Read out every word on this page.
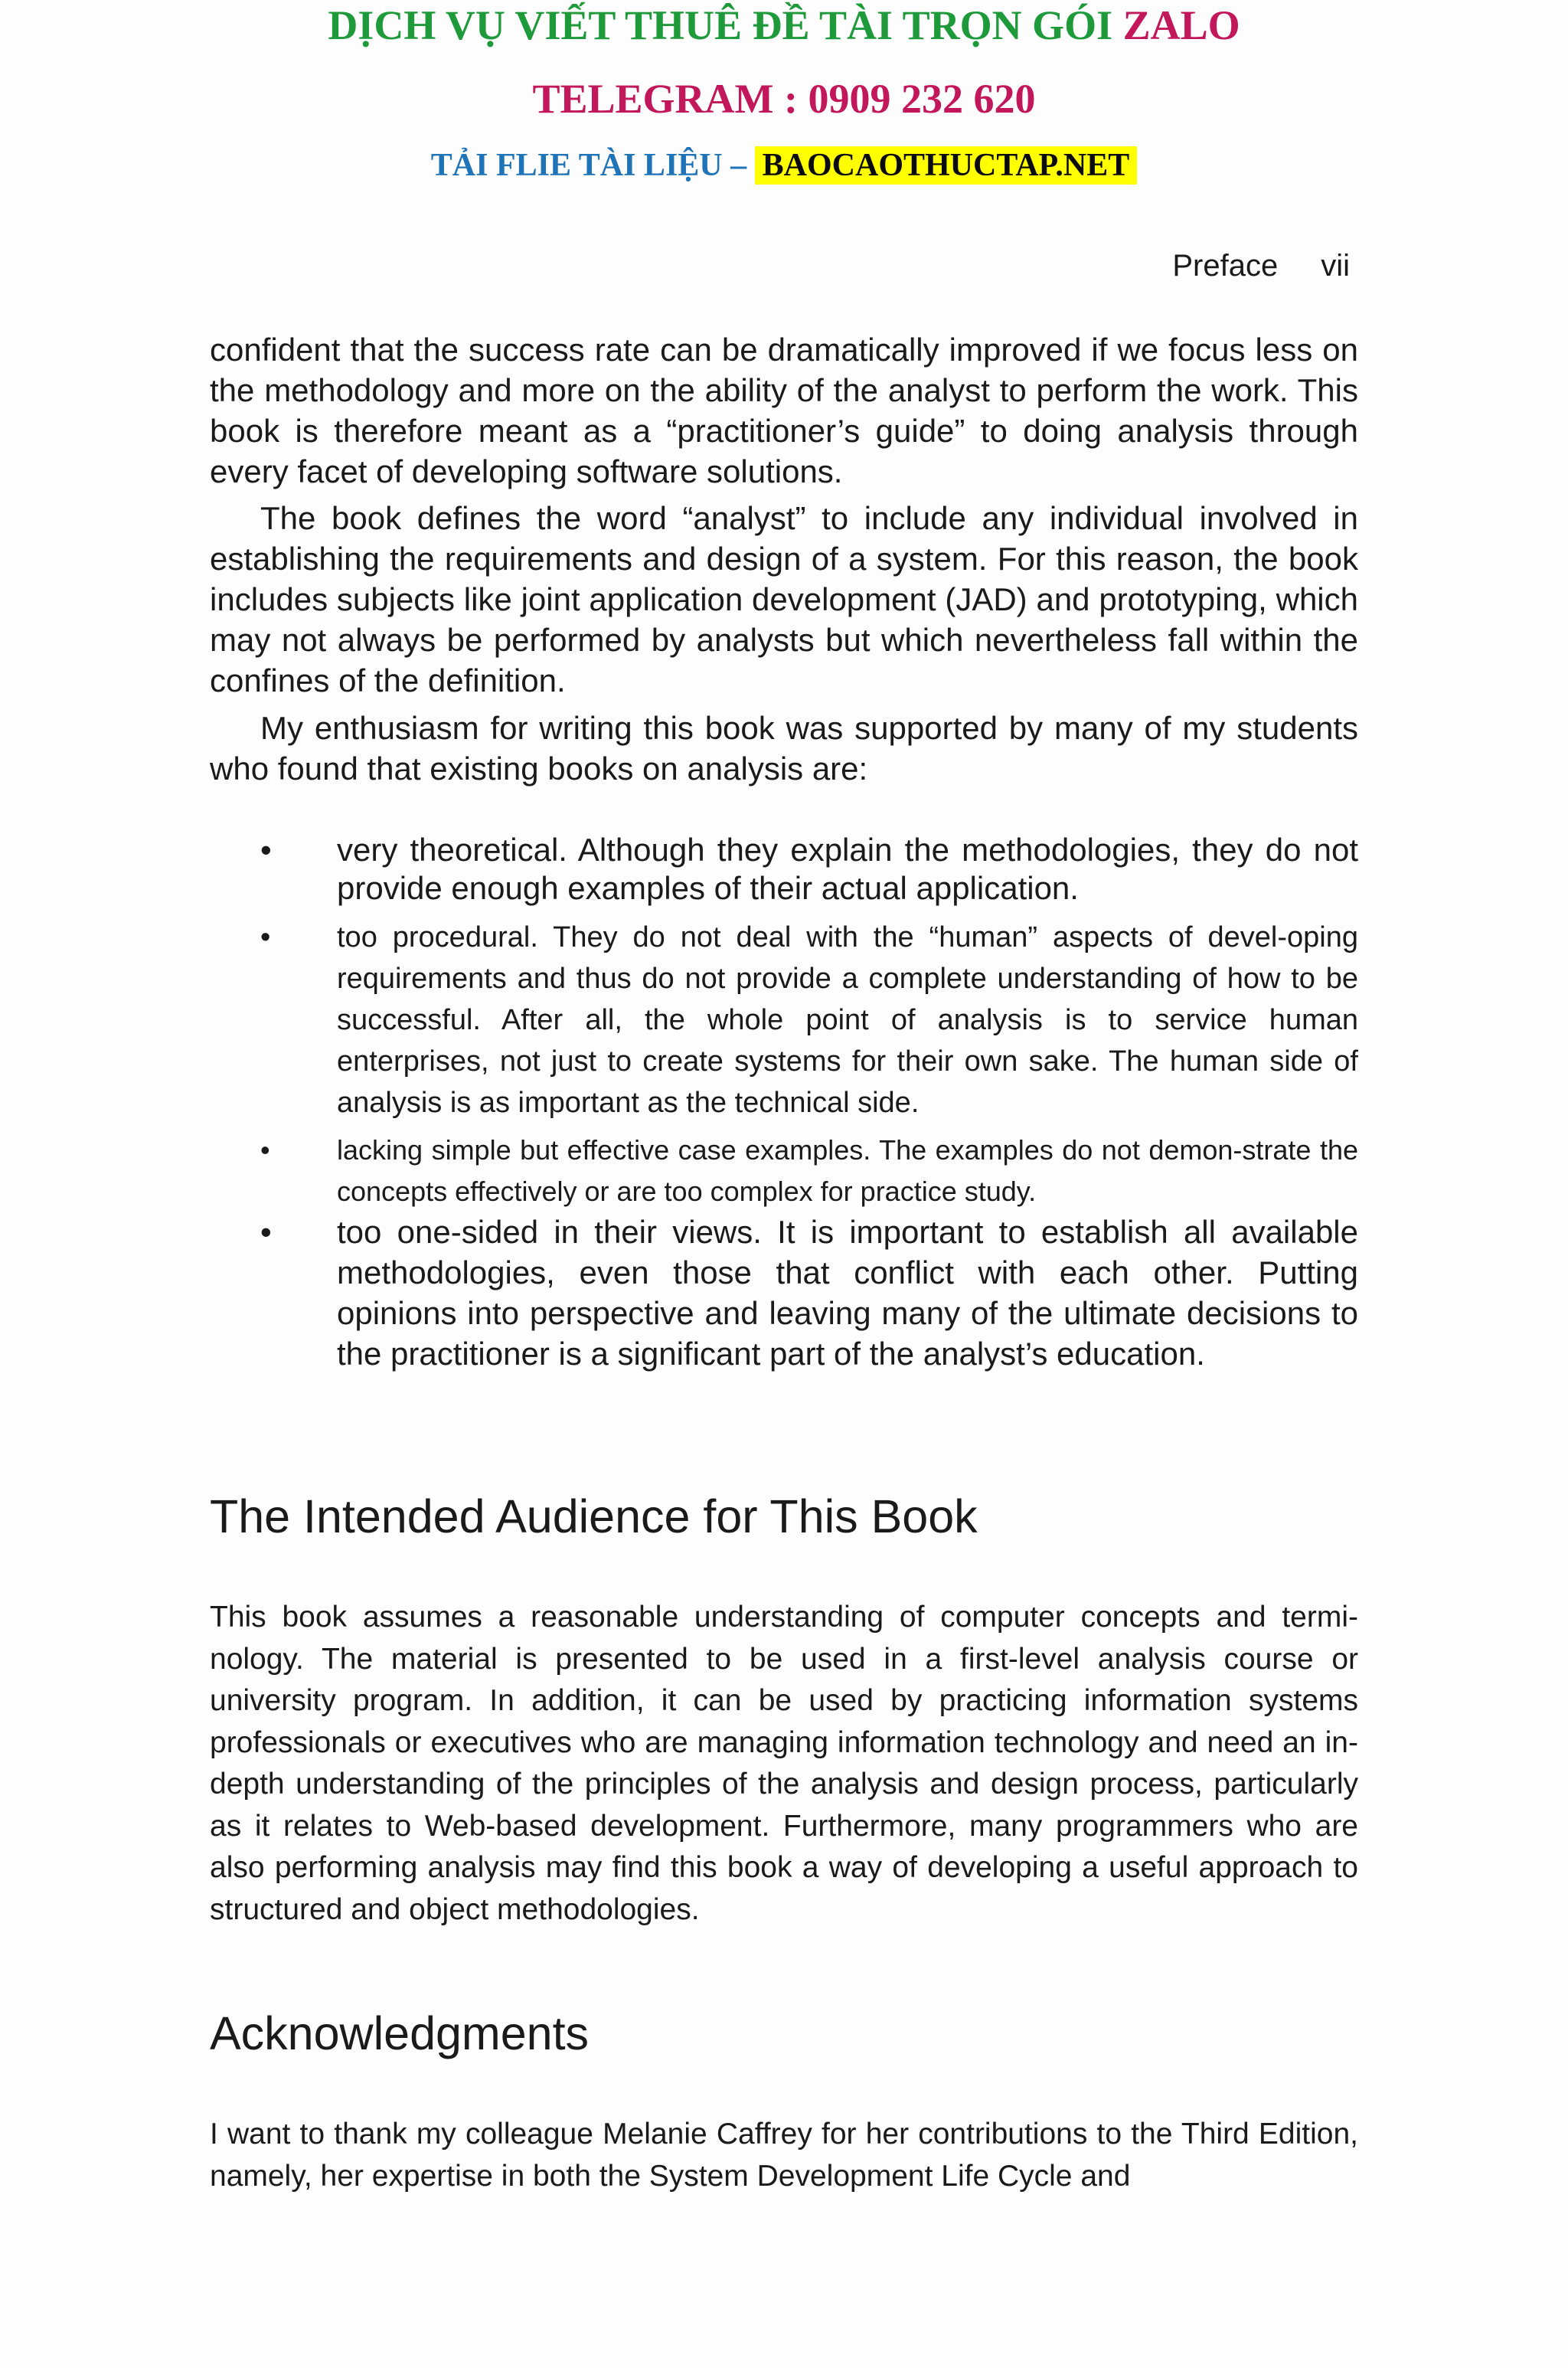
DỊCH VỤ VIẾT THUÊ ĐỀ TÀI TRỌN GÓI ZALO
TELEGRAM : 0909 232 620
TẢI FLIE TÀI LIỆU – BAOCAOTHUCTAP.NET
Preface vii

confident that the success rate can be dramatically improved if we focus less on the methodology and more on the ability of the analyst to perform the work. This book is therefore meant as a “practitioner’s guide” to doing analysis through every facet of developing software solutions.

The book defines the word “analyst” to include any individual involved in establishing the requirements and design of a system. For this reason, the book includes subjects like joint application development (JAD) and prototyping, which may not always be performed by analysts but which nevertheless fall within the confines of the definition.

My enthusiasm for writing this book was supported by many of my students who found that existing books on analysis are:

• very theoretical. Although they explain the methodologies, they do not provide enough examples of their actual application.
• too procedural. They do not deal with the “human” aspects of devel-oping requirements and thus do not provide a complete understanding of how to be successful. After all, the whole point of analysis is to service human enterprises, not just to create systems for their own sake. The human side of analysis is as important as the technical side.
• lacking simple but effective case examples. The examples do not demon-strate the concepts effectively or are too complex for practice study.
• too one-sided in their views. It is important to establish all available methodologies, even those that conflict with each other. Putting opinions into perspective and leaving many of the ultimate decisions to the practitioner is a significant part of the analyst’s education.
The Intended Audience for This Book

This book assumes a reasonable understanding of computer concepts and termi-nology. The material is presented to be used in a first-level analysis course or university program. In addition, it can be used by practicing information systems professionals or executives who are managing information technology and need an in-depth understanding of the principles of the analysis and design process, particularly as it relates to Web-based development. Furthermore, many programmers who are also performing analysis may find this book a way of developing a useful approach to structured and object methodologies.

Acknowledgments

I want to thank my colleague Melanie Caffrey for her contributions to the Third Edition, namely, her expertise in both the System Development Life Cycle and
